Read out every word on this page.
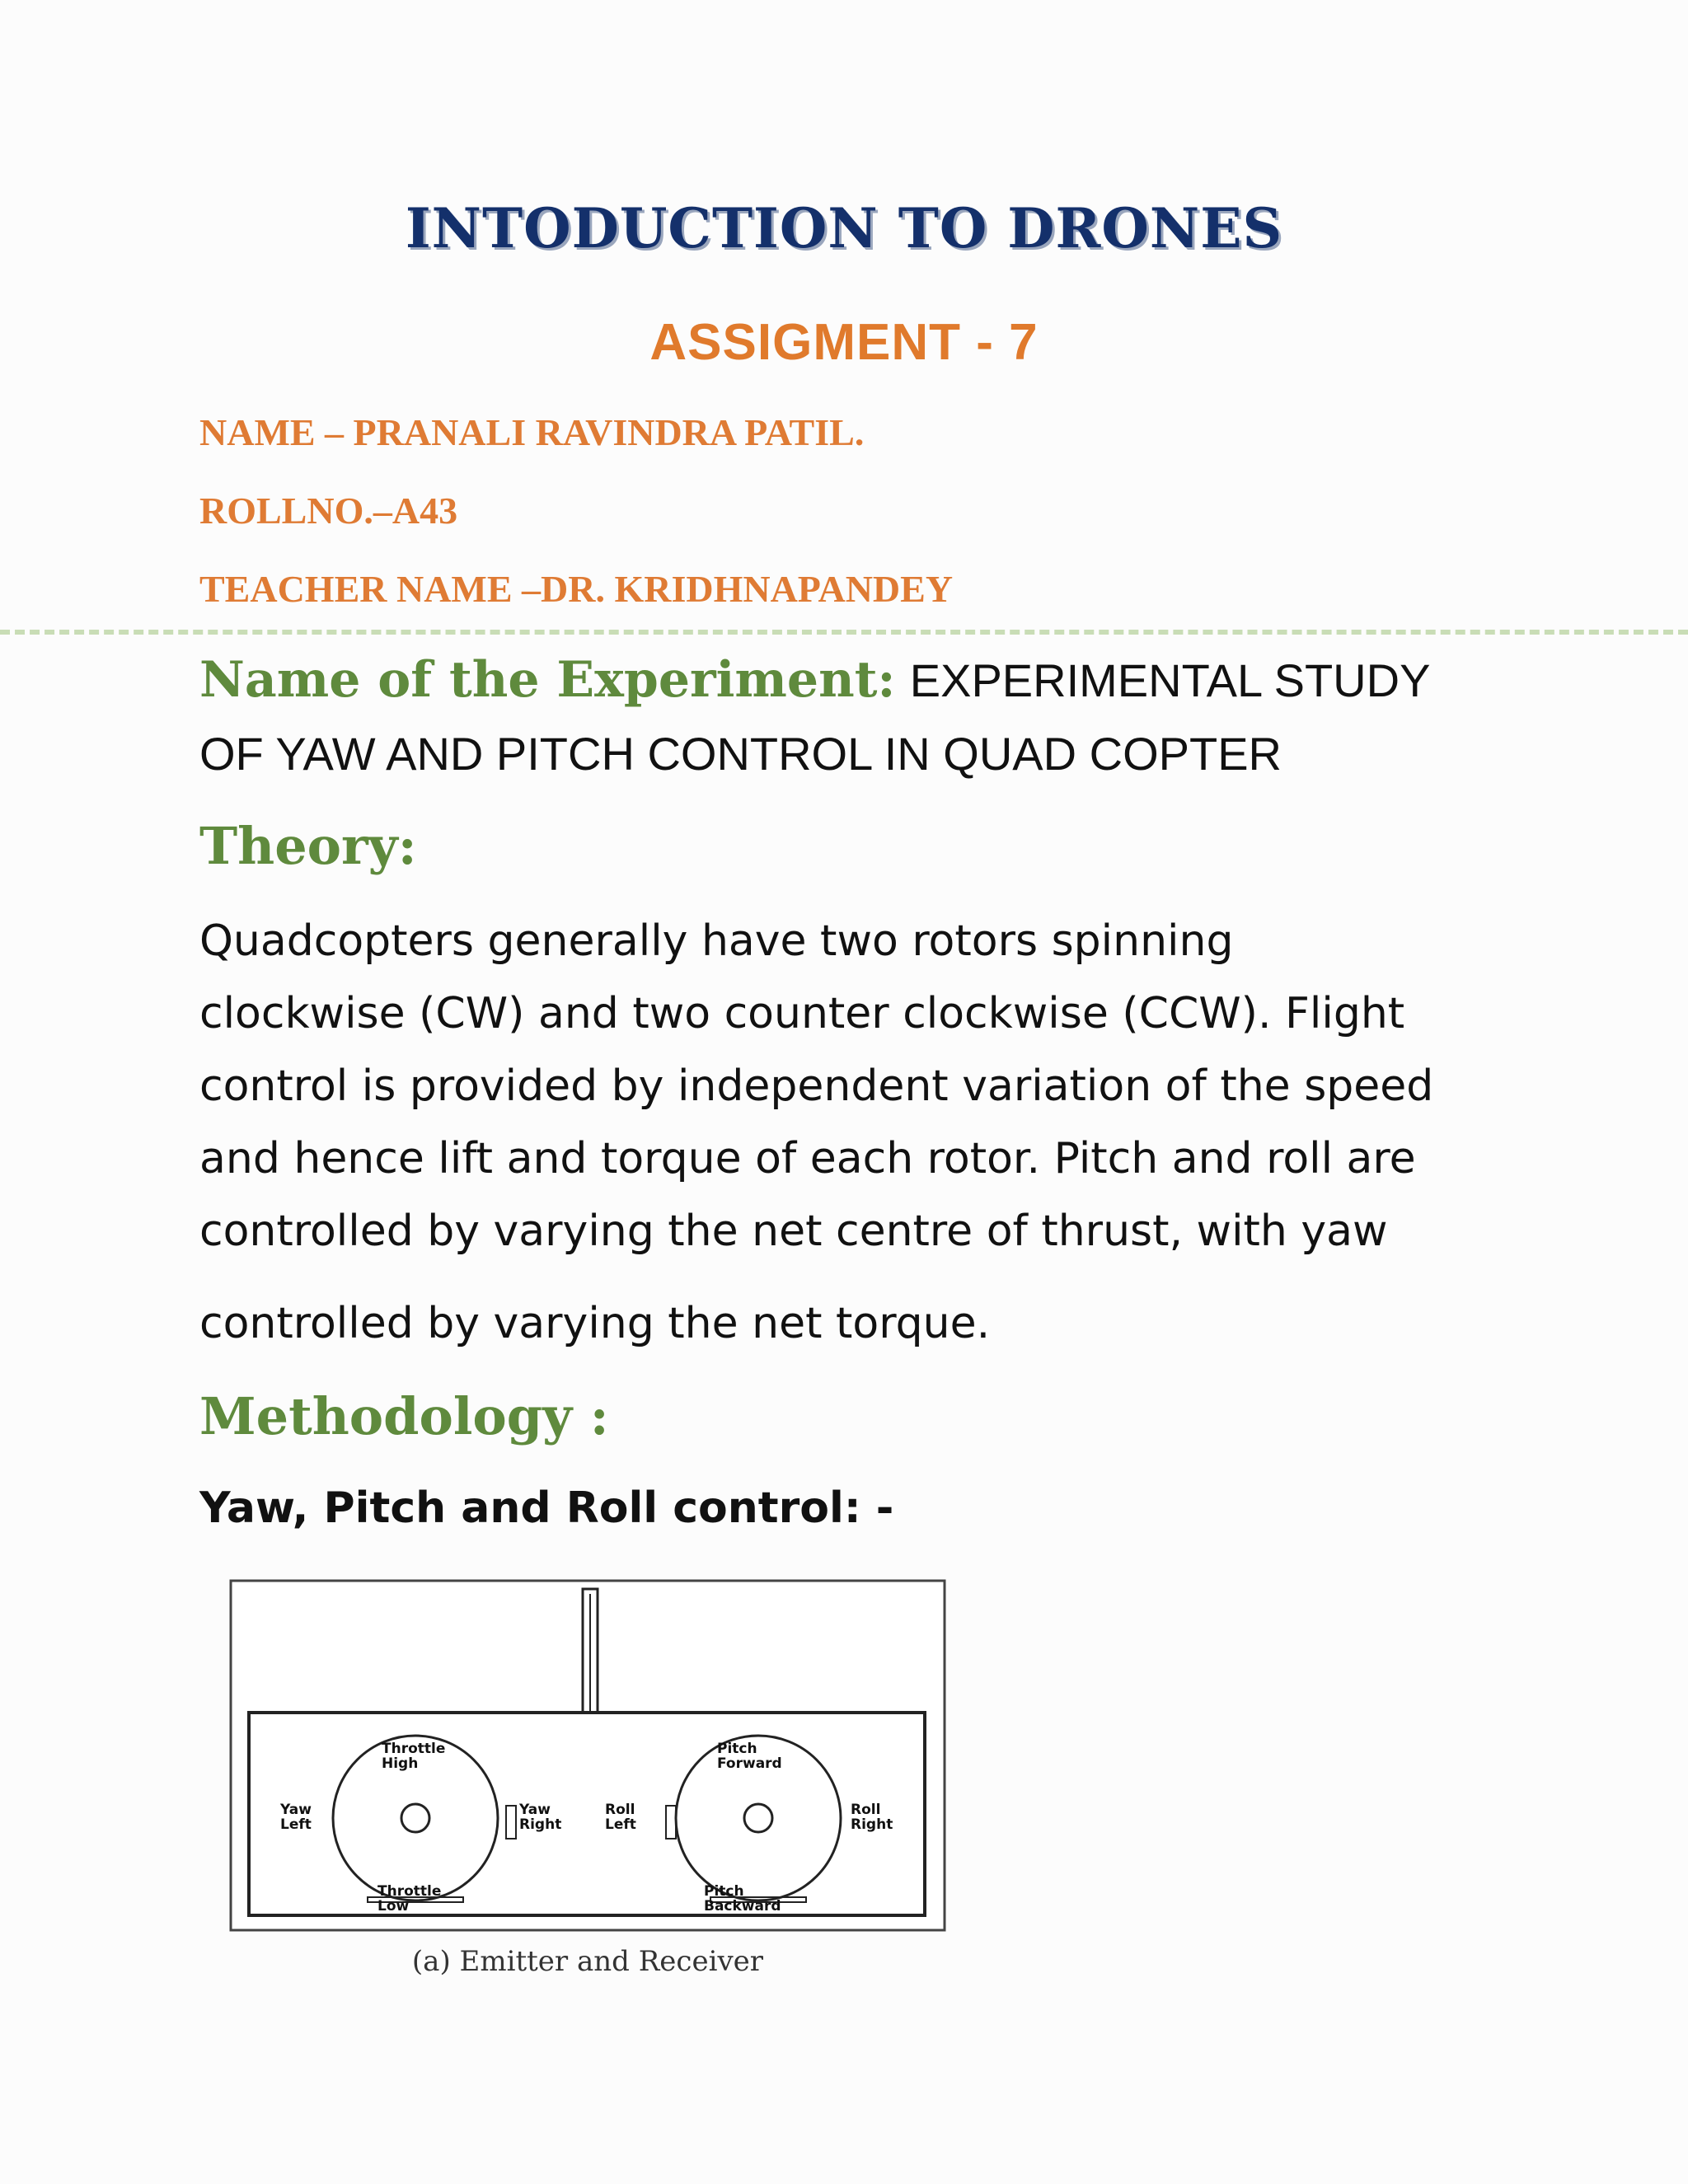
INTODUCTION TO DRONES
ASSIGMENT - 7
NAME – PRANALI RAVINDRA PATIL.
ROLLNO.–A43
TEACHER NAME –DR. KRIDHNAPANDEY
Name of the Experiment: EXPERIMENTAL STUDY
OF YAW AND PITCH CONTROL IN QUAD COPTER
Theory:
Quadcopters generally have two rotors spinning
clockwise (CW) and two counter clockwise (CCW). Flight
control is provided by independent variation of the speed
and hence lift and torque of each rotor. Pitch and roll are
controlled by varying the net centre of thrust, with yaw
controlled by varying the net torque.
Methodology :
Yaw, Pitch and Roll control: -
Throttle
High
Throttle
Low
Yaw
Left
Yaw
Right
Roll
Left
Roll
Right
Pitch
Forward
Pitch
Backward
(a) Emitter and Receiver
